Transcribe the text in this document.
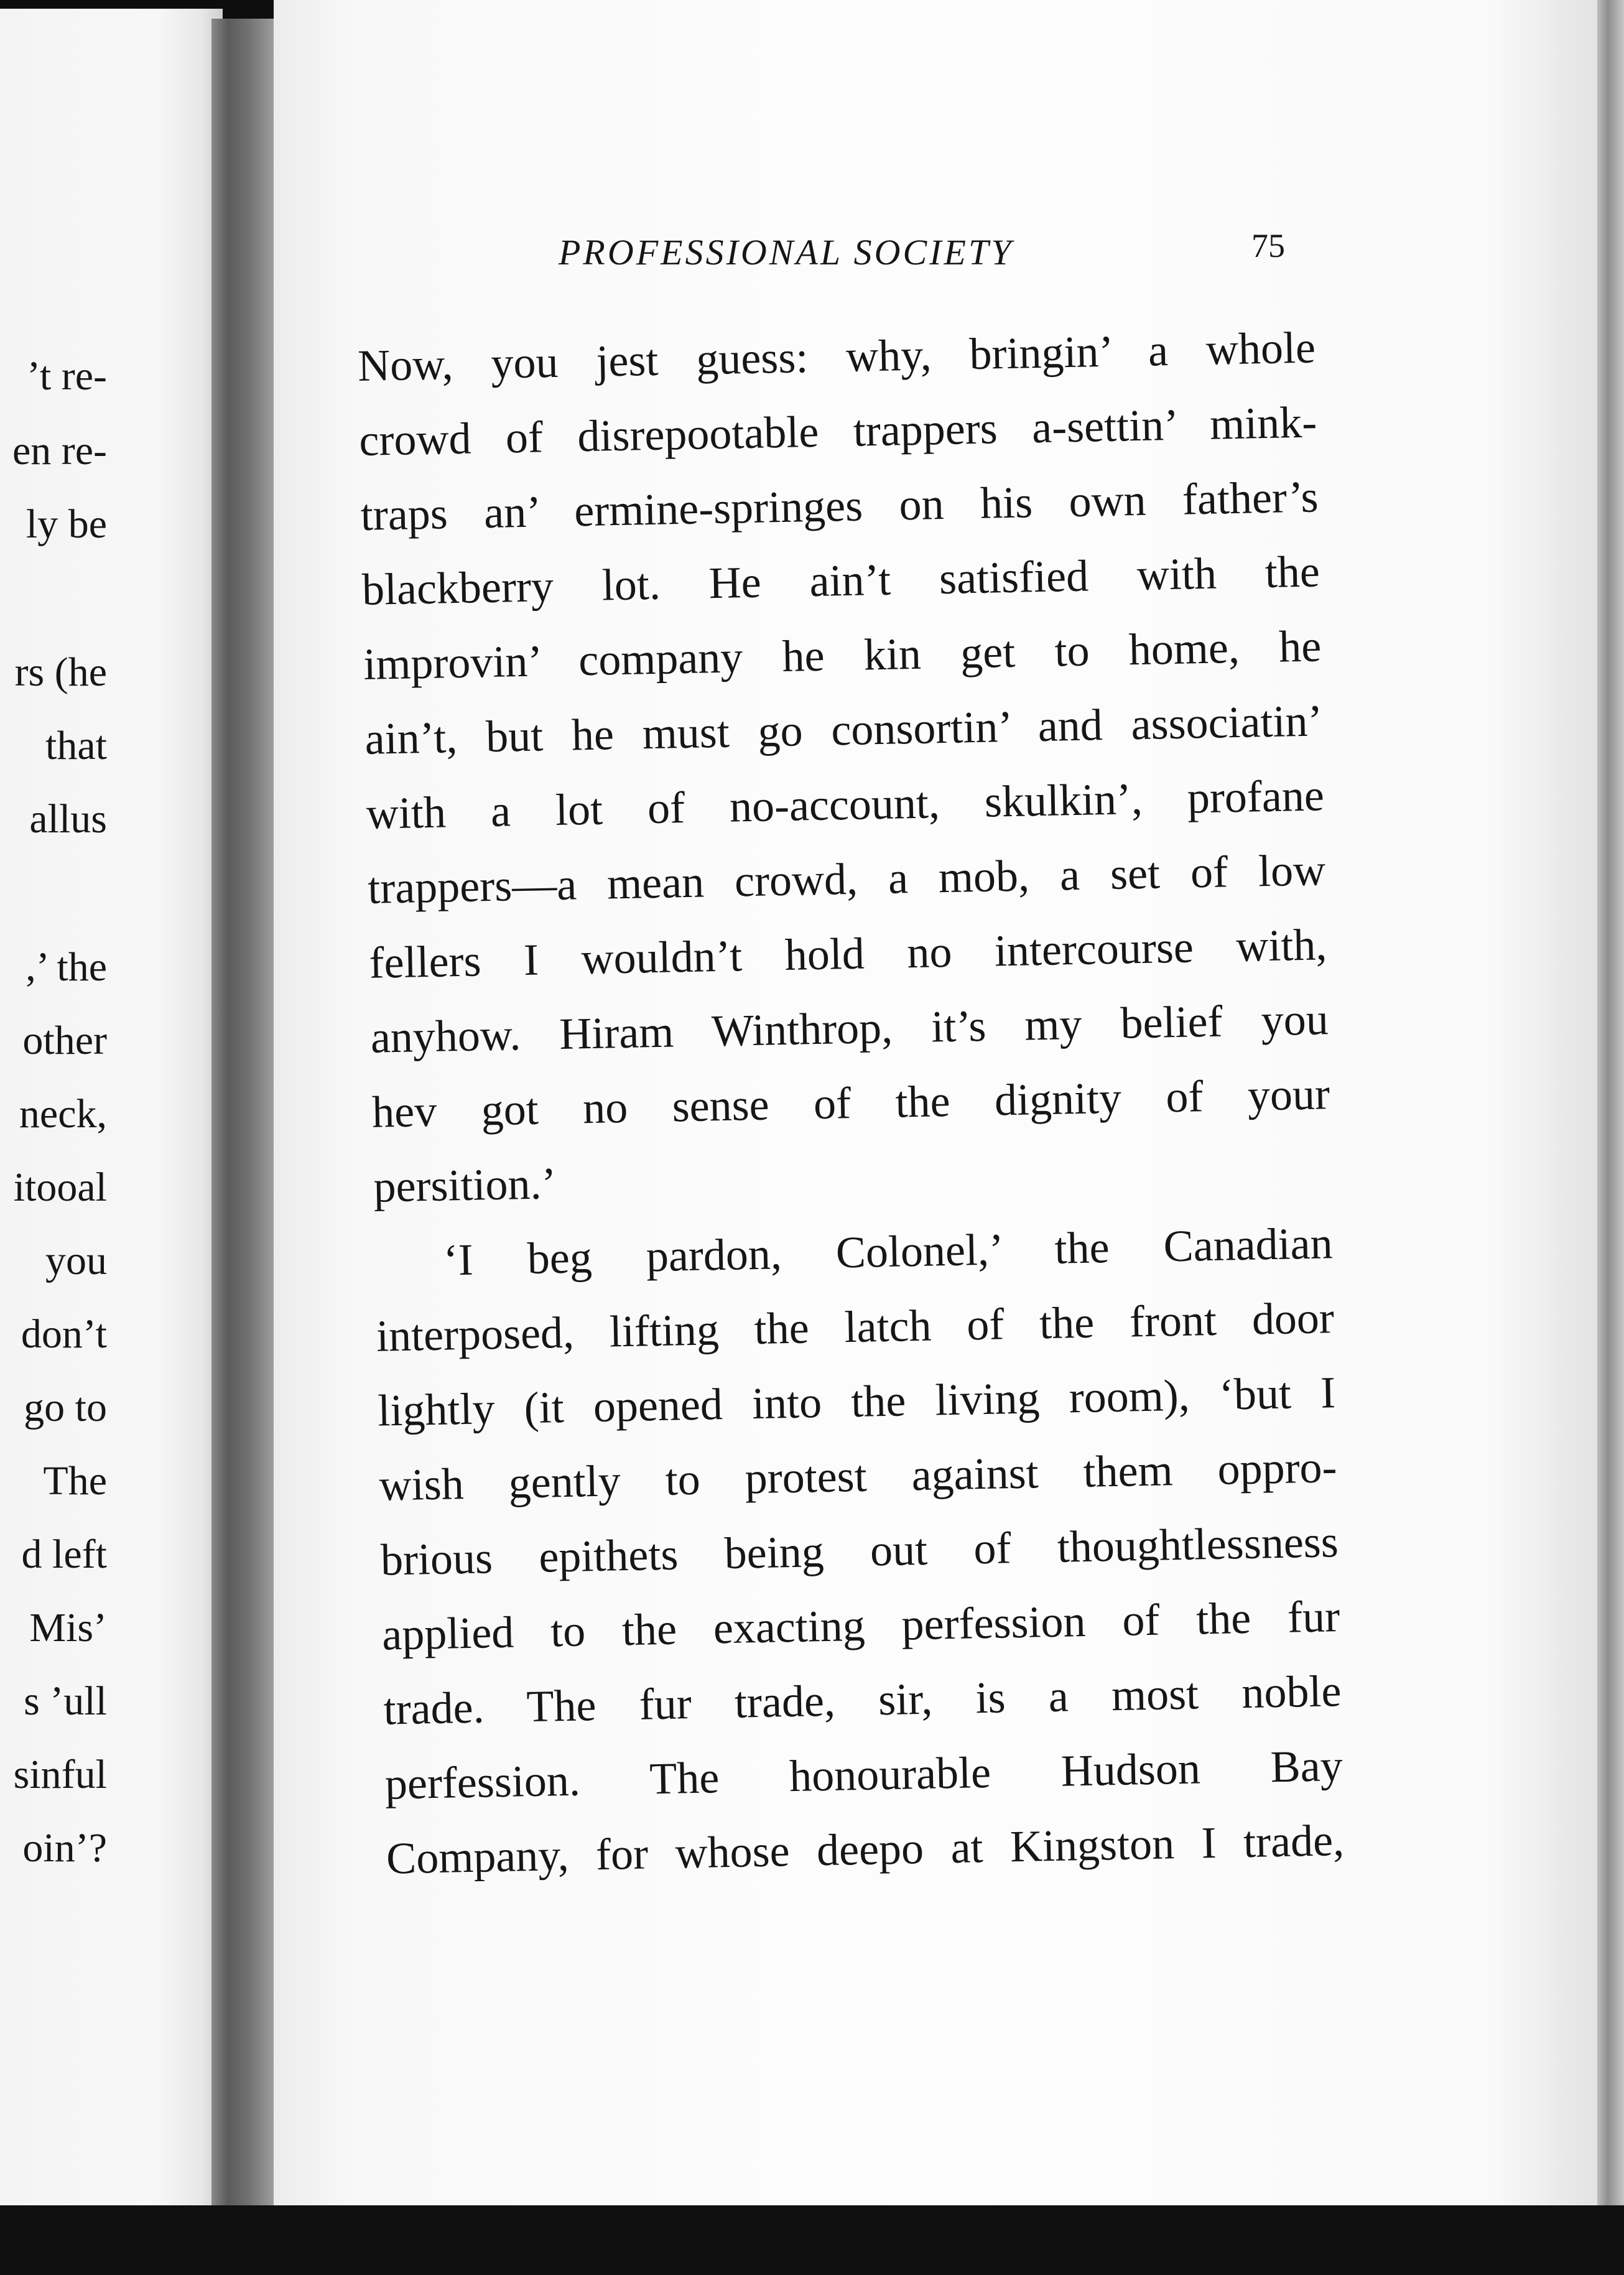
’t re-

en re-

ly be

rs (he

that

allus

,’ the

other

neck,

itooal

you

don’t

go to

The

d left

Mis’

s ’ull

sinful

oin’?

PROFESSIONAL SOCIETY	75

Now, you jest guess: why, bringin’ a whole

crowd of disrepootable trappers a-settin’ mink-

traps an’ ermine-springes on his own father’s

blackberry lot. He ain’t satisfied with the

improvin’ company he kin get to home, he

ain’t, but he must go consortin’ and associatin’

with a lot of no-account, skulkin’, profane

trappers—a mean crowd, a mob, a set of low

fellers I wouldn’t hold no intercourse with,

anyhow. Hiram Winthrop, it’s my belief you

hev got no sense of the dignity of your

persition.’

‘I beg pardon, Colonel,’ the Canadian

interposed, lifting the latch of the front door

lightly (it opened into the living room), ‘but I

wish gently to protest against them oppro-

brious epithets being out of thoughtlessness

applied to the exacting perfession of the fur

trade. The fur trade, sir, is a most noble

perfession. The honourable Hudson Bay

Company, for whose deepo at Kingston I trade,
